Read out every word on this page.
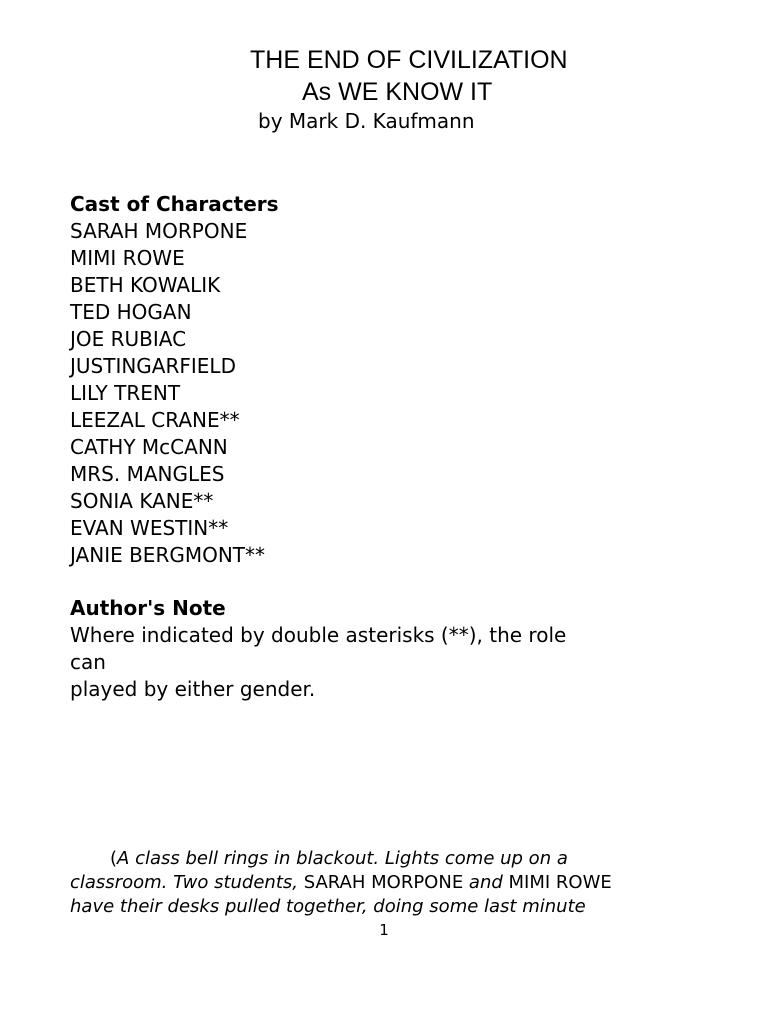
THE END OF CIVILIZATION
As WE KNOW IT
by Mark D. Kaufmann
Cast of Characters
SARAH MORPONE
MIMI ROWE
BETH KOWALIK
TED HOGAN
JOE RUBIAC
JUSTINGARFIELD
LILY TRENT
LEEZAL CRANE**
CATHY McCANN
MRS. MANGLES
SONIA KANE**
EVAN WESTIN**
JANIE BERGMONT**
Author's Note
Where indicated by double asterisks (**), the role
can
played by either gender.

(A class bell rings in blackout. Lights come up on a

classroom. Two students, SARAH MORPONE and MIMI ROWE

have their desks pulled together, doing some last minute

1
